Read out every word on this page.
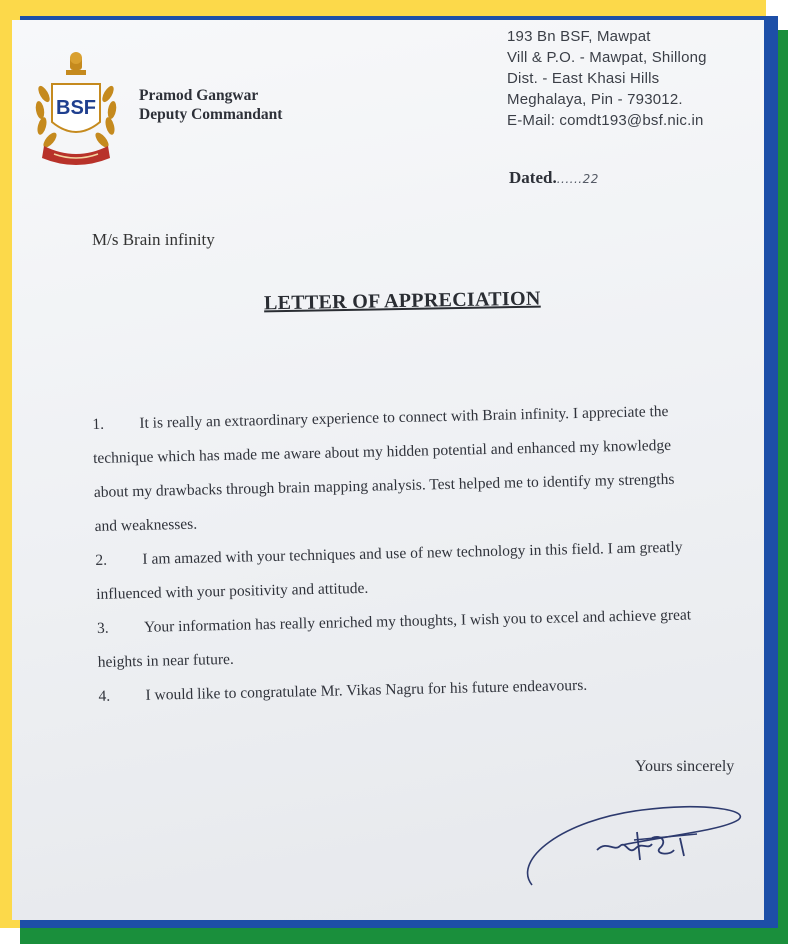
BSF
Pramod Gangwar
Deputy Commandant
193 Bn BSF, Mawpat
Vill & P.O. - Mawpat, Shillong
Dist. - East Khasi Hills
Meghalaya, Pin - 793012.
E-Mail: comdt193@bsf.nic.in
Dated.......22
M/s Brain infinity
LETTER OF APPRECIATION
1.	It is really an extraordinary experience to connect with Brain infinity. I appreciate the
technique which has made me aware about my hidden potential and enhanced my knowledge
about my drawbacks through brain mapping analysis. Test helped me to identify my strengths
and weaknesses.
2.	I am amazed with your techniques and use of new technology in this field. I am greatly
influenced with your positivity and attitude.
3.	Your information has really enriched my thoughts, I wish you to excel and achieve great
heights in near future.
4.	I would like to congratulate Mr. Vikas Nagru for his future endeavours.
Yours sincerely
